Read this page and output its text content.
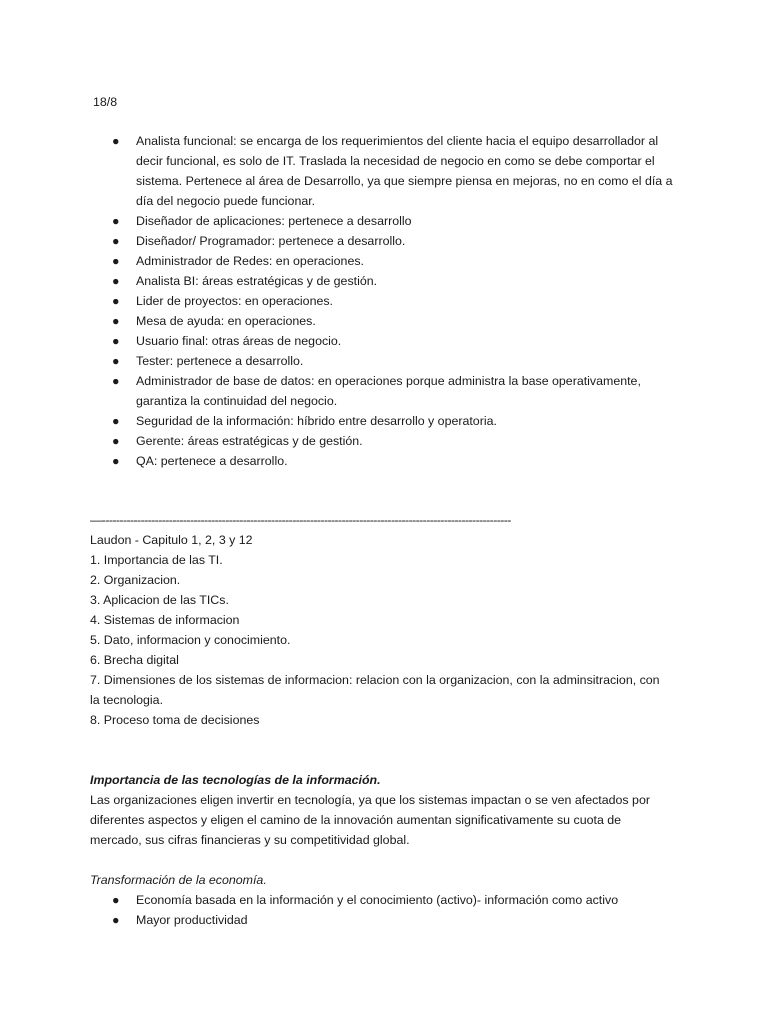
18/8
● Analista funcional: se encarga de los requerimientos del cliente hacia el equipo desarrollador al
decir funcional, es solo de IT. Traslada la necesidad de negocio en como se debe comportar el
sistema. Pertenece al área de Desarrollo, ya que siempre piensa en mejoras, no en como el día a
día del negocio puede funcionar.
● Diseñador de aplicaciones: pertenece a desarrollo
● Diseñador/ Programador: pertenece a desarrollo.
● Administrador de Redes: en operaciones.
● Analista BI: áreas estratégicas y de gestión.
● Lider de proyectos: en operaciones.
● Mesa de ayuda: en operaciones.
● Usuario final: otras áreas de negocio.
● Tester: pertenece a desarrollo.
● Administrador de base de datos: en operaciones porque administra la base operativamente,
garantiza la continuidad del negocio.
● Seguridad de la información: híbrido entre desarrollo y operatoria.
● Gerente: áreas estratégicas y de gestión.
● QA: pertenece a desarrollo.
—--------------------------------------------------------------------------------------------------------------------
Laudon - Capitulo 1, 2, 3 y 12
1. Importancia de las TI.
2. Organizacion.
3. Aplicacion de las TICs.
4. Sistemas de informacion
5. Dato, informacion y conocimiento.
6. Brecha digital
7. Dimensiones de los sistemas de informacion: relacion con la organizacion, con la adminsitracion, con
la tecnologia.
8. Proceso toma de decisiones
Importancia de las tecnologías de la información.
Las organizaciones eligen invertir en tecnología, ya que los sistemas impactan o se ven afectados por
diferentes aspectos y eligen el camino de la innovación aumentan significativamente su cuota de
mercado, sus cifras financieras y su competitividad global.
Transformación de la economía.
● Economía basada en la información y el conocimiento (activo)- información como activo
● Mayor productividad
